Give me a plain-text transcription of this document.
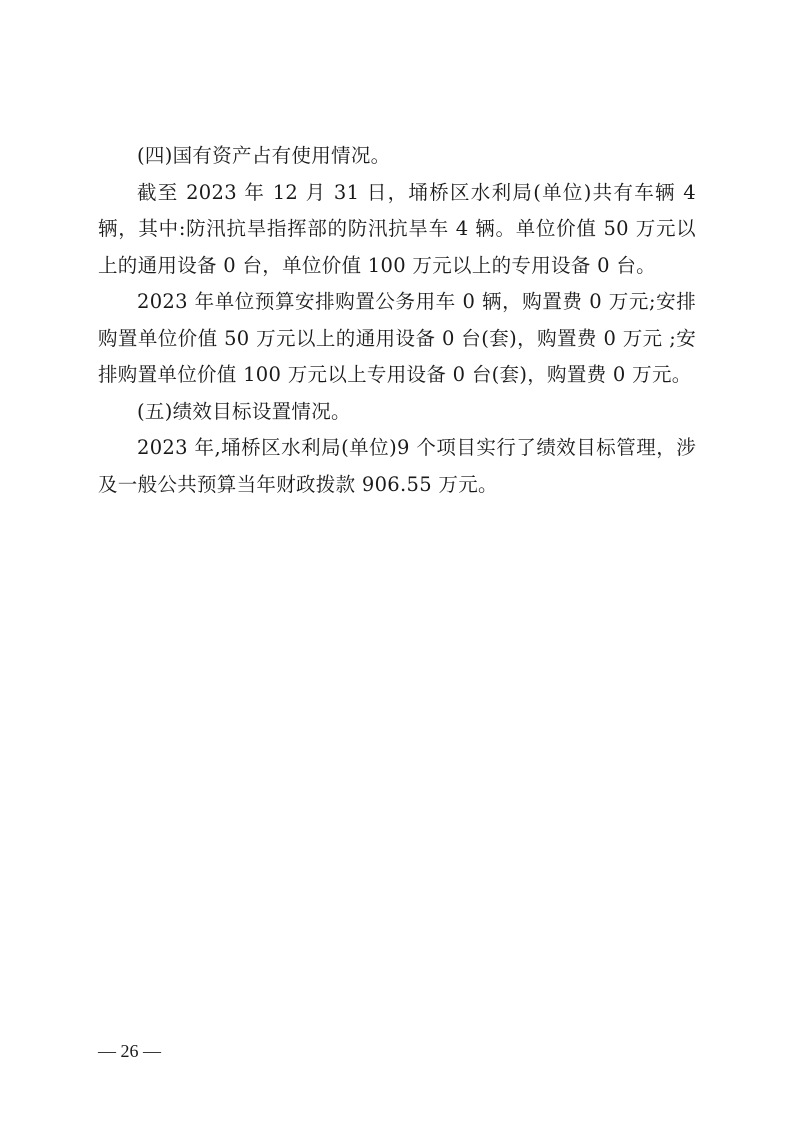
(四)国有资产占有使用情况。

截至 2023 年 12 月 31 日，埇桥区水利局(单位)共有车辆 4 辆，其中:防汛抗旱指挥部的防汛抗旱车 4 辆。单位价值 50 万元以上的通用设备 0 台，单位价值 100 万元以上的专用设备 0 台。

2023 年单位预算安排购置公务用车 0 辆，购置费 0 万元;安排购置单位价值 50 万元以上的通用设备 0 台(套)，购置费 0 万元 ;安排购置单位价值 100 万元以上专用设备 0 台(套)，购置费 0 万元。

(五)绩效目标设置情况。

2023 年,埇桥区水利局(单位)9 个项目实行了绩效目标管理，涉及一般公共预算当年财政拨款 906.55 万元。

— 26 —
